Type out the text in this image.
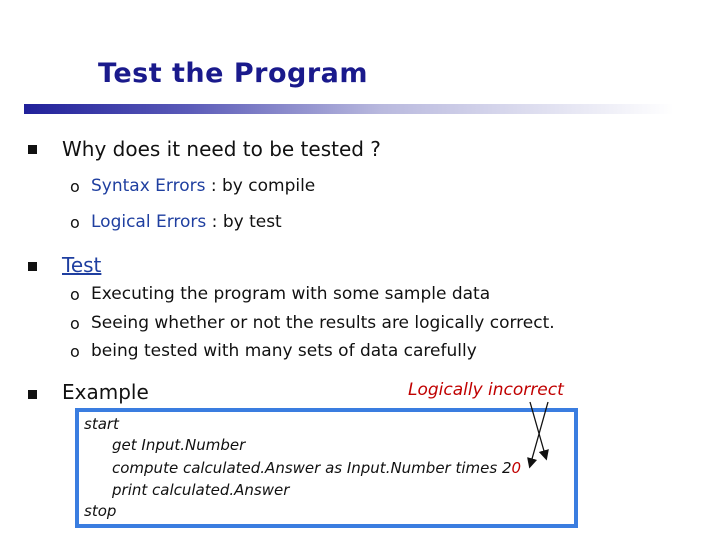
Test the Program
Why does it need to be tested ?
o Syntax Errors : by compile
o Logical Errors : by test
Test
o Executing the program with some sample data
o Seeing whether or not the results are logically correct.
o being tested with many sets of data carefully
Example	Logically incorrect
start
get Input.Number
compute calculated.Answer as Input.Number times 20
print calculated.Answer
stop
